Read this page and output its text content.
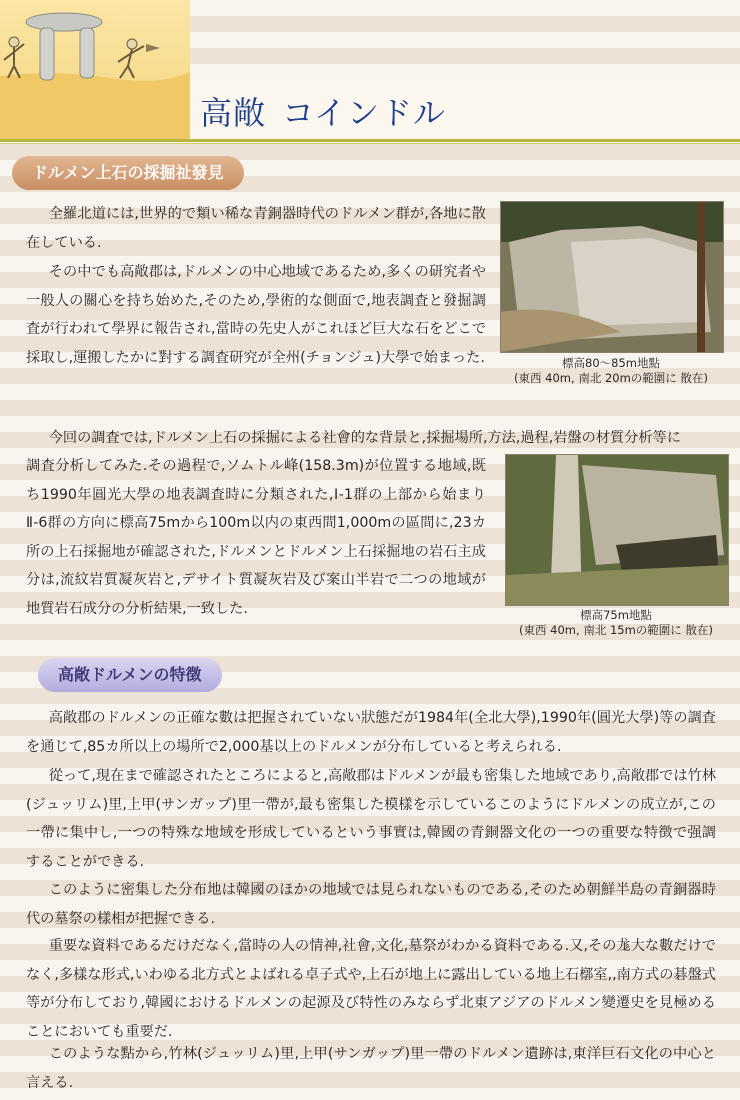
高敞 コインドル
ドルメン上石の採掘祉發見

全羅北道には,世界的で類い稀な青銅器時代のドルメン群が,各地に散在している.

その中でも高敞郡は,ドルメンの中心地域であるため,多くの研究者や一般人の關心を持ち始めた,そのため,學術的な側面で,地表調査と發掘調査が行われて學界に報告され,當時の先史人がこれほど巨大な石をどこで採取し,運搬したかに對する調査研究が全州(チョンジュ)大學で始まった.

今回の調査では,ドルメン上石の採掘による社會的な背景と,採掘場所,方法,過程,岩盤の材質分析等に

調査分析してみた.その過程で,ソムトル峰(158.3m)が位置する地域,既ち1990年圓光大學の地表調査時に分類された,Ⅰ-1群の上部から始まりⅡ-6群の方向に標高75mから100m以内の東西間1,000mの區間に,23カ所の上石採掘地が確認された,ドルメンとドルメン上石採掘地の岩石主成分は,流紋岩質凝灰岩と,デサイト質凝灰岩及び案山半岩で二つの地域が地質岩石成分の分析結果,一致した.

標高80～85m地點
(東西 40m, 南北 20mの範圍に 散在)
標高75m地點
(東西 40m, 南北 15mの範圍に 散在)
高敞ドルメンの特徴

高敞郡のドルメンの正確な數は把握されていない狀態だが1984年(全北大學),1990年(圓光大學)等の調査を通じて,85カ所以上の場所で2,000基以上のドルメンが分布していると考えられる.

從って,現在まで確認されたところによると,高敞郡はドルメンが最も密集した地域であり,高敞郡では竹林(ジュッリム)里,上甲(サンガップ)里一帶が,最も密集した模樣を示しているこのようにドルメンの成立が,この一帶に集中し,一つの特殊な地域を形成しているという事實は,韓國の青銅器文化の一つの重要な特徴で强調することができる.

このように密集した分布地は韓國のほかの地域では見られないものである,そのため朝鮮半島の青銅器時代の墓祭の樣相が把握できる.

重要な資料であるだけだなく,當時の人の情神,社會,文化,墓祭がわかる資料である.又,その尨大な數だけでなく,多樣な形式,いわゆる北方式とよばれる卓子式や,上石が地上に露出している地上石槨室,,南方式の碁盤式等が分布しており,韓國におけるドルメンの起源及び特性のみならず北東アジアのドルメン變遷史を見極めることにおいても重要だ.

このような點から,竹林(ジュッリム)里,上甲(サンガップ)里一帶のドルメン遺跡は,東洋巨石文化の中心と言える.
